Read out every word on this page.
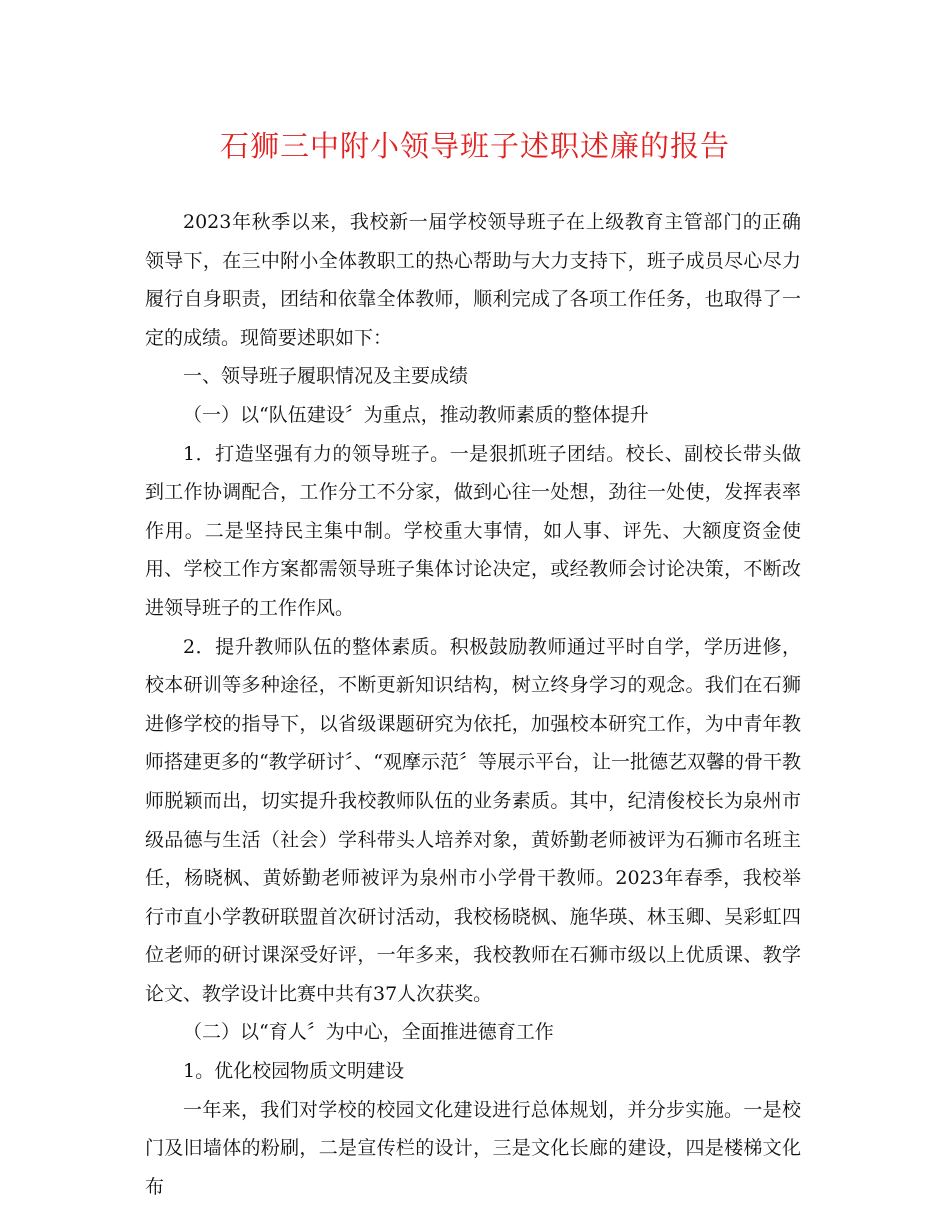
石狮三中附小领导班子述职述廉的报告

2023年秋季以来，我校新一届学校领导班子在上级教育主管部门的正确领导下，在三中附小全体教职工的热心帮助与大力支持下，班子成员尽心尽力履行自身职责，团结和依靠全体教师，顺利完成了各项工作任务，也取得了一定的成绩。现简要述职如下：

一、领导班子履职情况及主要成绩

（一）以“队伍建设〞为重点，推动教师素质的整体提升

1．打造坚强有力的领导班子。一是狠抓班子团结。校长、副校长带头做到工作协调配合，工作分工不分家，做到心往一处想，劲往一处使，发挥表率作用。二是坚持民主集中制。学校重大事情，如人事、评先、大额度资金使用、学校工作方案都需领导班子集体讨论决定，或经教师会讨论决策，不断改进领导班子的工作作风。

2．提升教师队伍的整体素质。积极鼓励教师通过平时自学，学历进修，校本研训等多种途径，不断更新知识结构，树立终身学习的观念。我们在石狮进修学校的指导下，以省级课题研究为依托，加强校本研究工作，为中青年教师搭建更多的“教学研讨〞、“观摩示范〞等展示平台，让一批德艺双馨的骨干教师脱颖而出，切实提升我校教师队伍的业务素质。其中，纪清俊校长为泉州市级品德与生活（社会）学科带头人培养对象，黄娇勤老师被评为石狮市名班主任，杨晓枫、黄娇勤老师被评为泉州市小学骨干教师。2023年春季，我校举行市直小学教研联盟首次研讨活动，我校杨晓枫、施华瑛、林玉卿、吴彩虹四位老师的研讨课深受好评，一年多来，我校教师在石狮市级以上优质课、教学论文、教学设计比赛中共有37人次获奖。

（二）以“育人〞为中心，全面推进德育工作

1。优化校园物质文明建设

一年来，我们对学校的校园文化建设进行总体规划，并分步实施。一是校门及旧墙体的粉刷，二是宣传栏的设计，三是文化长廊的建设，四是楼梯文化布
